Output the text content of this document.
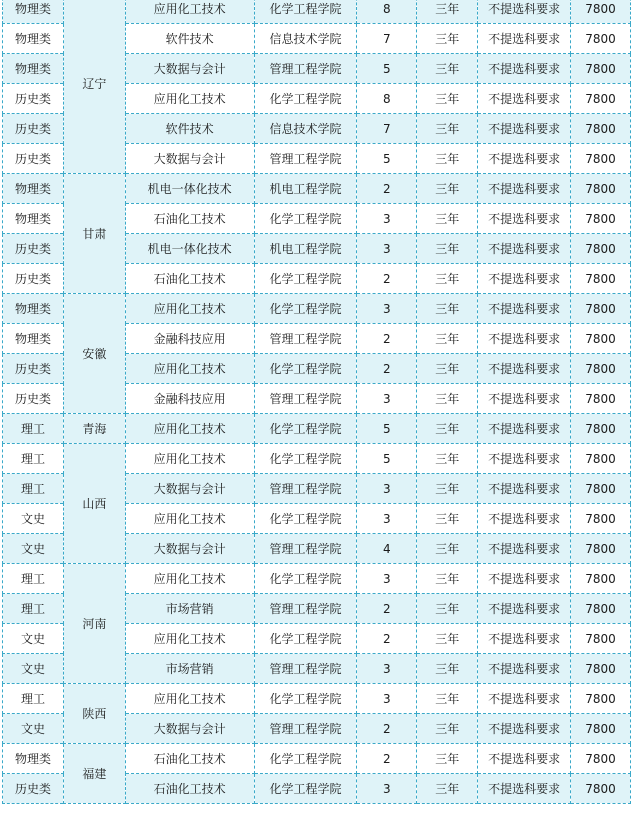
物理类	辽宁	应用化工技术	化学工程学院	8	三年	不提选科要求	7800
物理类		软件技术	信息技术学院	7	三年	不提选科要求	7800
物理类		大数据与会计	管理工程学院	5	三年	不提选科要求	7800
历史类		应用化工技术	化学工程学院	8	三年	不提选科要求	7800
历史类		软件技术	信息技术学院	7	三年	不提选科要求	7800
历史类		大数据与会计	管理工程学院	5	三年	不提选科要求	7800
物理类	甘肃	机电一体化技术	机电工程学院	2	三年	不提选科要求	7800
物理类		石油化工技术	化学工程学院	3	三年	不提选科要求	7800
历史类		机电一体化技术	机电工程学院	3	三年	不提选科要求	7800
历史类		石油化工技术	化学工程学院	2	三年	不提选科要求	7800
物理类	安徽	应用化工技术	化学工程学院	3	三年	不提选科要求	7800
物理类		金融科技应用	管理工程学院	2	三年	不提选科要求	7800
历史类		应用化工技术	化学工程学院	2	三年	不提选科要求	7800
历史类		金融科技应用	管理工程学院	3	三年	不提选科要求	7800
理工	青海	应用化工技术	化学工程学院	5	三年	不提选科要求	7800
理工	山西	应用化工技术	化学工程学院	5	三年	不提选科要求	7800
理工		大数据与会计	管理工程学院	3	三年	不提选科要求	7800
文史		应用化工技术	化学工程学院	3	三年	不提选科要求	7800
文史		大数据与会计	管理工程学院	4	三年	不提选科要求	7800
理工	河南	应用化工技术	化学工程学院	3	三年	不提选科要求	7800
理工		市场营销	管理工程学院	2	三年	不提选科要求	7800
文史		应用化工技术	化学工程学院	2	三年	不提选科要求	7800
文史		市场营销	管理工程学院	3	三年	不提选科要求	7800
理工	陕西	应用化工技术	化学工程学院	3	三年	不提选科要求	7800
文史		大数据与会计	管理工程学院	2	三年	不提选科要求	7800
物理类	福建	石油化工技术	化学工程学院	2	三年	不提选科要求	7800
历史类		石油化工技术	化学工程学院	3	三年	不提选科要求	7800
